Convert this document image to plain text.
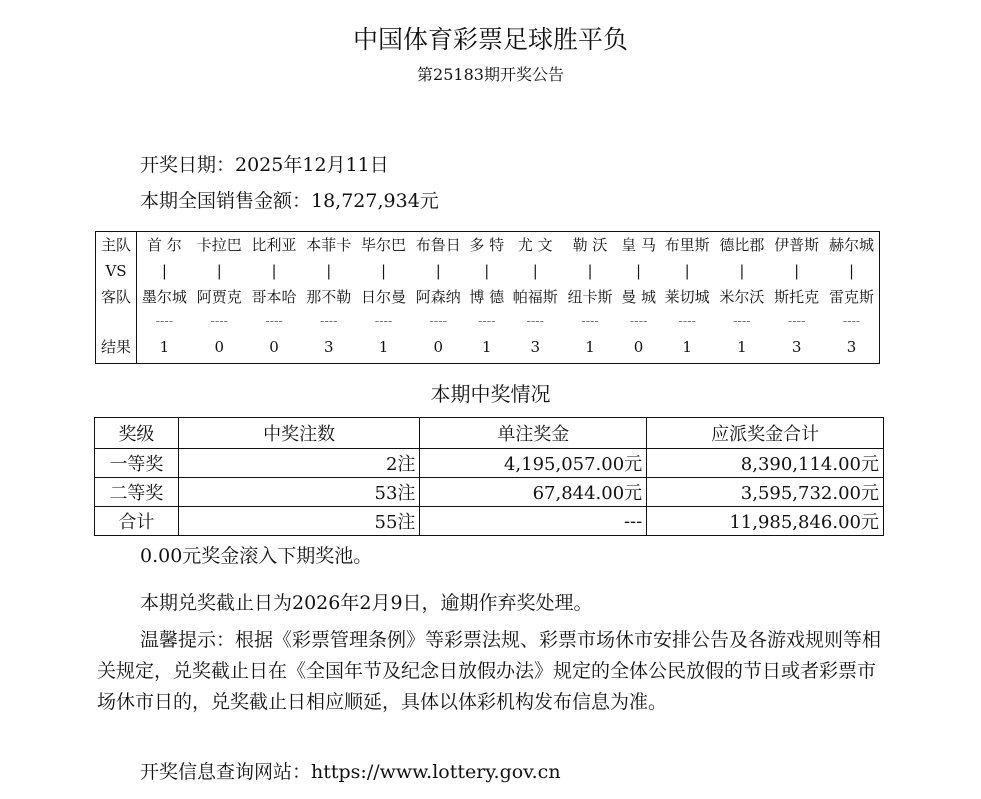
中国体育彩票足球胜平负
第25183期开奖公告
开奖日期：2025年12月11日
本期全国销售金额：18,727,934元
主队	首 尔	卡拉巴	比利亚	本菲卡	毕尔巴	布鲁日	多 特	尤 文	勒 沃	皇 马	布里斯	德比郡	伊普斯	赫尔城
VS	|	|	|	|	|	|	|	|	|	|	|	|	|	|
客队	墨尔城	阿贾克	哥本哈	那不勒	日尔曼	阿森纳	博 德	帕福斯	纽卡斯	曼 城	莱切城	米尔沃	斯托克	雷克斯
	----	----	----	----	----	----	----	----	----	----	----	----	----	----
结果	1	0	0	3	1	0	1	3	1	0	1	1	3	3
本期中奖情况
奖级	中奖注数	单注奖金	应派奖金合计
一等奖	2注	4,195,057.00元	8,390,114.00元
二等奖	53注	67,844.00元	3,595,732.00元
合计	55注	---	11,985,846.00元
0.00元奖金滚入下期奖池。
本期兑奖截止日为2026年2月9日，逾期作弃奖处理。
温馨提示：根据《彩票管理条例》等彩票法规、彩票市场休市安排公告及各游戏规则等相关规定，兑奖截止日在《全国年节及纪念日放假办法》规定的全体公民放假的节日或者彩票市场休市日的，兑奖截止日相应顺延，具体以体彩机构发布信息为准。
开奖信息查询网站：https://www.lottery.gov.cn
